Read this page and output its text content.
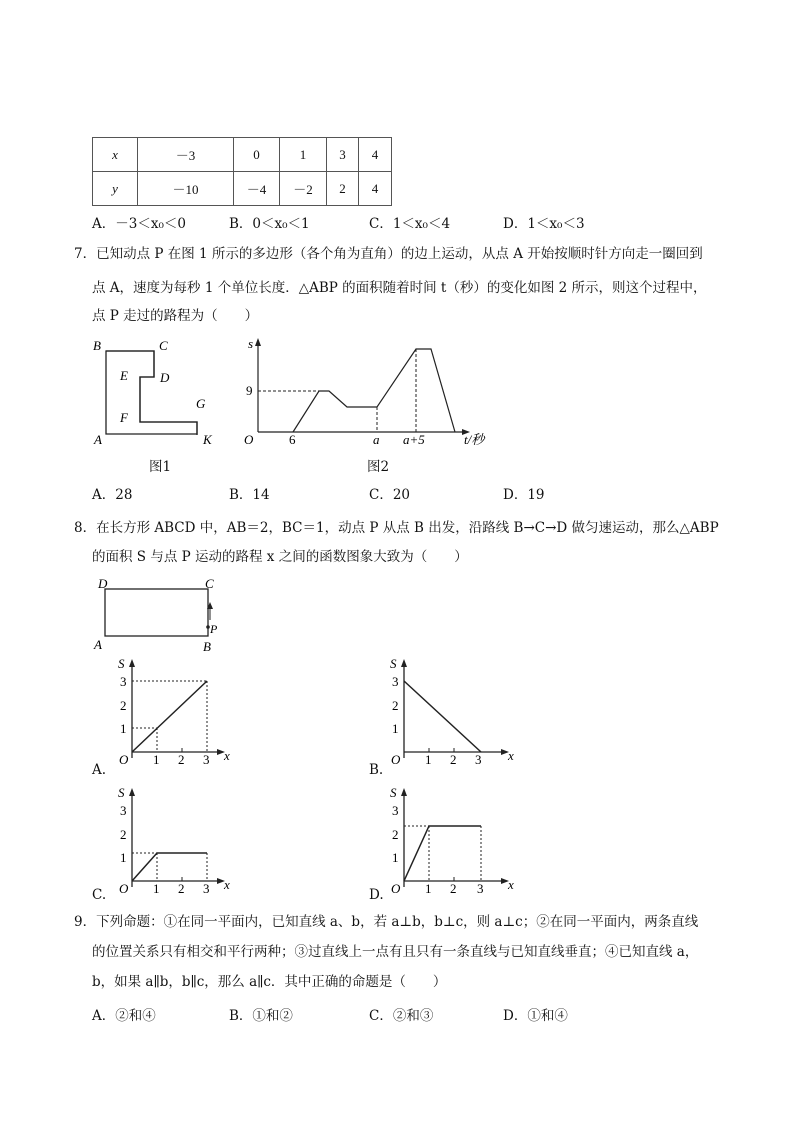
x	－3	0	1	3	4
y	－10	－4	－2	2	4
A．－3＜x₀＜0	B．0＜x₀＜1	C．1＜x₀＜4	D．1＜x₀＜3
7．已知动点 P 在图 1 所示的多边形（各个角为直角）的边上运动，从点 A 开始按顺时针方向走一圈回到
点 A，速度为每秒 1 个单位长度．△ABP 的面积随着时间 t（秒）的变化如图 2 所示，则这个过程中，
点 P 走过的路程为（　　）
B	C
E D
F
G
A	K
图1
s
9
O	6	a a+5	t/秒
图2
A．28	B．14	C．20	D．19
8．在长方形 ABCD 中，AB＝2，BC＝1，动点 P 从点 B 出发，沿路线 B→C→D 做匀速运动，那么△ABP
的面积 S 与点 P 运动的路程 x 之间的函数图象大致为（　　）
D	C
A	B
P
S
3
2
1
O 1 2 3 x
A.
S
3
2
1
O 1 2 3 x
B.
S
3
2
1
O 1 2 3 x
C.
S
3
2
1
O 1 2 3 x
D.
9．下列命题：①在同一平面内，已知直线 a、b，若 a⊥b，b⊥c，则 a⊥c；②在同一平面内，两条直线
的位置关系只有相交和平行两种；③过直线上一点有且只有一条直线与已知直线垂直；④已知直线 a，
b，如果 a∥b，b∥c，那么 a∥c．其中正确的命题是（　　）
A．②和④	B．①和②	C．②和③	D．①和④
